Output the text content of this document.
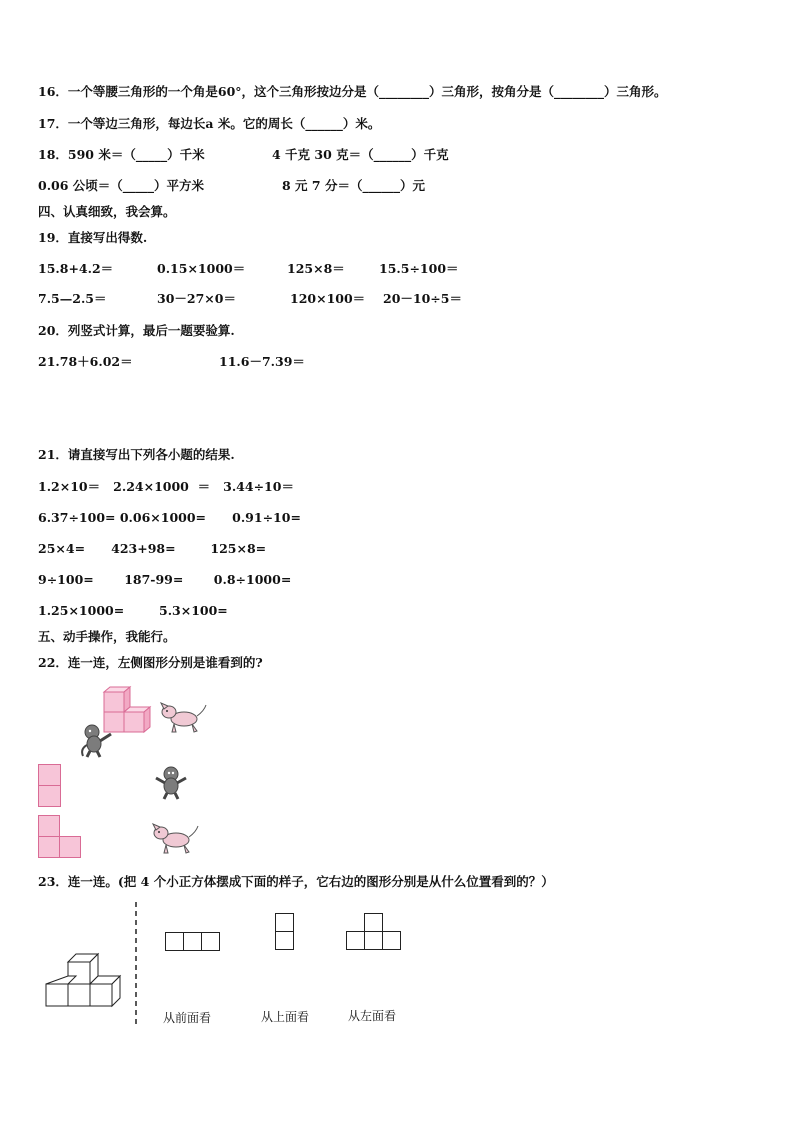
16．一个等腰三角形的一个角是60°，这个三角形按边分是（________）三角形，按角分是（________）三角形。
17．一个等边三角形，每边长a 米。它的周长（______）米。
18．590 米＝（_____）千米	4 千克 30 克＝（______）千克
0.06 公顷＝（_____）平方米	8 元 7 分＝（______）元
四、认真细致，我会算。
19．直接写出得数.
15.8+4.2＝	0.15×1000＝	125×8＝	15.5÷100＝
7.5—2.5＝	30－27×0＝	120×100＝ 20－10÷5＝
20．列竖式计算，最后一题要验算.
21.78＋6.02＝	11.6－7.39＝
21．请直接写出下列各小题的结果.
1.2×10＝   2.24×1000  ＝   3.44÷10＝
6.37÷100= 0.06×1000=      0.91÷10=
25×4=      423+98=        125×8=
9÷100=       187-99=       0.8÷1000=
1.25×1000=        5.3×100=
五、动手操作，我能行。
22．连一连，左侧图形分别是谁看到的?
23．连一连。(把 4 个小正方体摆成下面的样子，它右边的图形分别是从什么位置看到的？）
从前面看	从上面看	从左面看
